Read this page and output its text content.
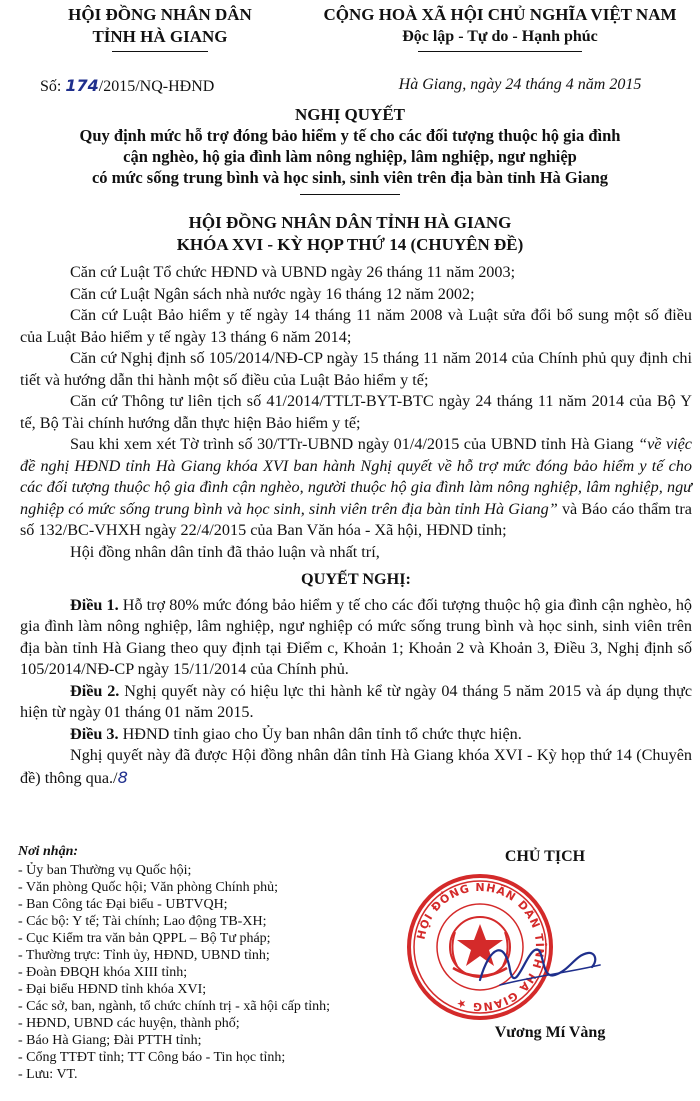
HỘI ĐỒNG NHÂN DÂN
TỈNH HÀ GIANG
CỘNG HOÀ XÃ HỘI CHỦ NGHĨA VIỆT NAM
Độc lập - Tự do - Hạnh phúc
Số: 174/2015/NQ-HĐND	Hà Giang, ngày 24 tháng 4 năm 2015
NGHỊ QUYẾT
Quy định mức hỗ trợ đóng bảo hiểm y tế cho các đối tượng thuộc hộ gia đình
cận nghèo, hộ gia đình làm nông nghiệp, lâm nghiệp, ngư nghiệp
có mức sống trung bình và học sinh, sinh viên trên địa bàn tỉnh Hà Giang
HỘI ĐỒNG NHÂN DÂN TỈNH HÀ GIANG
KHÓA XVI - KỲ HỌP THỨ 14 (CHUYÊN ĐỀ)

Căn cứ Luật Tổ chức HĐND và UBND ngày 26 tháng 11 năm 2003;

Căn cứ Luật Ngân sách nhà nước ngày 16 tháng 12 năm 2002;

Căn cứ Luật Bảo hiểm y tế ngày 14 tháng 11 năm 2008 và Luật sửa đổi bổ sung một số điều của Luật Bảo hiểm y tế ngày 13 tháng 6 năm 2014;

Căn cứ Nghị định số 105/2014/NĐ-CP ngày 15 tháng 11 năm 2014 của Chính phủ quy định chi tiết và hướng dẫn thi hành một số điều của Luật Bảo hiểm y tế;

Căn cứ Thông tư liên tịch số 41/2014/TTLT-BYT-BTC ngày 24 tháng 11 năm 2014 của Bộ Y tế, Bộ Tài chính hướng dẫn thực hiện Bảo hiểm y tế;

Sau khi xem xét Tờ trình số 30/TTr-UBND ngày 01/4/2015 của UBND tỉnh Hà Giang “về việc đề nghị HĐND tỉnh Hà Giang khóa XVI ban hành Nghị quyết về hỗ trợ mức đóng bảo hiểm y tế cho các đối tượng thuộc hộ gia đình cận nghèo, người thuộc hộ gia đình làm nông nghiệp, lâm nghiệp, ngư nghiệp có mức sống trung bình và học sinh, sinh viên trên địa bàn tỉnh Hà Giang” và Báo cáo thẩm tra số 132/BC-VHXH ngày 22/4/2015 của Ban Văn hóa - Xã hội, HĐND tỉnh;

Hội đồng nhân dân tỉnh đã thảo luận và nhất trí,

QUYẾT NGHỊ:

Điều 1. Hỗ trợ 80% mức đóng bảo hiểm y tế cho các đối tượng thuộc hộ gia đình cận nghèo, hộ gia đình làm nông nghiệp, lâm nghiệp, ngư nghiệp có mức sống trung bình và học sinh, sinh viên trên địa bàn tỉnh Hà Giang theo quy định tại Điểm c, Khoản 1; Khoản 2 và Khoản 3, Điều 3, Nghị định số 105/2014/NĐ-CP ngày 15/11/2014 của Chính phủ.

Điều 2. Nghị quyết này có hiệu lực thi hành kể từ ngày 04 tháng 5 năm 2015 và áp dụng thực hiện từ ngày 01 tháng 01 năm 2015.

Điều 3. HĐND tỉnh giao cho Ủy ban nhân dân tỉnh tổ chức thực hiện.

Nghị quyết này đã được Hội đồng nhân dân tỉnh Hà Giang khóa XVI - Kỳ họp thứ 14 (Chuyên đề) thông qua./8

Nơi nhận:
- Ủy ban Thường vụ Quốc hội;
- Văn phòng Quốc hội; Văn phòng Chính phủ;
- Ban Công tác Đại biểu - UBTVQH;
- Các bộ: Y tế; Tài chính; Lao động TB-XH;
- Cục Kiểm tra văn bản QPPL – Bộ Tư pháp;
- Thường trực: Tỉnh ủy, HĐND, UBND tỉnh;
- Đoàn ĐBQH khóa XIII tỉnh;
- Đại biểu HĐND tỉnh khóa XVI;
- Các sở, ban, ngành, tổ chức chính trị - xã hội cấp tỉnh;
- HĐND, UBND các huyện, thành phố;
- Báo Hà Giang; Đài PTTH tỉnh;
- Cổng TTĐT tỉnh; TT Công báo - Tin học tỉnh;
- Lưu: VT.
CHỦ TỊCH
HỘI ĐỒNG NHÂN DÂN TỈNH HÀ GIANG ★
Vương Mí Vàng
